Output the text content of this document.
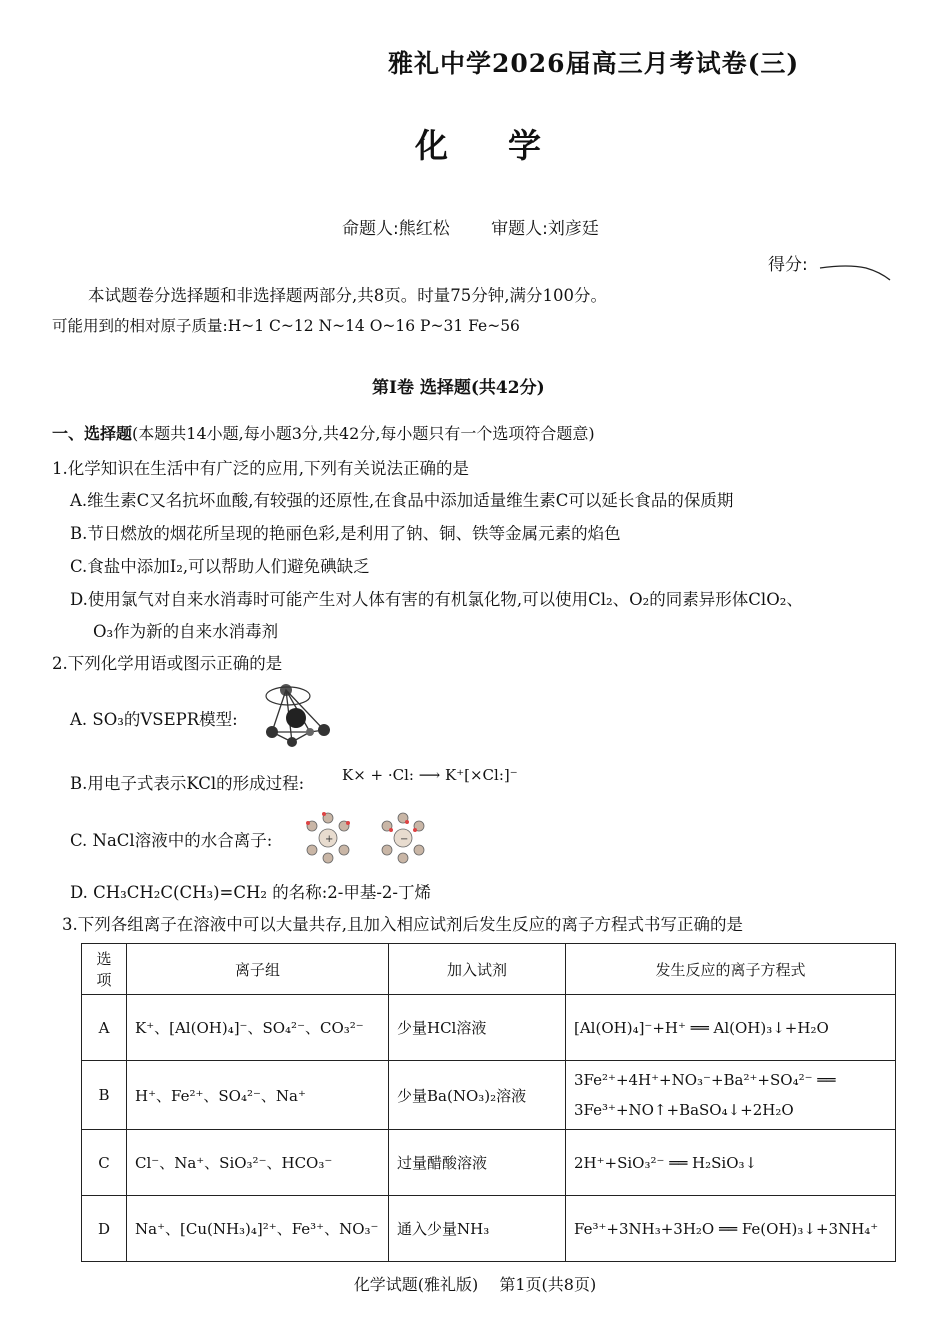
雅礼中学2026届高三月考试卷(三)
化学
命题人:熊红松 审题人:刘彦廷
得分:
本试题卷分选择题和非选择题两部分,共8页。时量75分钟,满分100分。
可能用到的相对原子质量:H~1 C~12 N~14 O~16 P~31 Fe~56
第Ⅰ卷 选择题(共42分)
一、选择题(本题共14小题,每小题3分,共42分,每小题只有一个选项符合题意)
1.化学知识在生活中有广泛的应用,下列有关说法正确的是
A.维生素C又名抗坏血酸,有较强的还原性,在食品中添加适量维生素C可以延长食品的保质期
B.节日燃放的烟花所呈现的艳丽色彩,是利用了钠、铜、铁等金属元素的焰色
C.食盐中添加I₂,可以帮助人们避免碘缺乏
D.使用氯气对自来水消毒时可能产生对人体有害的有机氯化物,可以使用Cl₂、O₂的同素异形体ClO₂、
O₃作为新的自来水消毒剂
2.下列化学用语或图示正确的是
A. SO₃的VSEPR模型:
B.用电子式表示KCl的形成过程:	K× + ·Cl: ⟶ K⁺[×Cl:]⁻
C. NaCl溶液中的水合离子:	+	−
D. CH₃CH₂C(CH₃)=CH₂ 的名称:2-甲基-2-丁烯
3.下列各组离子在溶液中可以大量共存,且加入相应试剂后发生反应的离子方程式书写正确的是
选项	离子组	加入试剂	发生反应的离子方程式
A	K⁺、[Al(OH)₄]⁻、SO₄²⁻、CO₃²⁻	少量HCl溶液	[Al(OH)₄]⁻+H⁺ ══ Al(OH)₃↓+H₂O
B	H⁺、Fe²⁺、SO₄²⁻、Na⁺	少量Ba(NO₃)₂溶液	3Fe²⁺+4H⁺+NO₃⁻+Ba²⁺+SO₄²⁻ ══ 3Fe³⁺+NO↑+BaSO₄↓+2H₂O
C	Cl⁻、Na⁺、SiO₃²⁻、HCO₃⁻	过量醋酸溶液	2H⁺+SiO₃²⁻ ══ H₂SiO₃↓
D	Na⁺、[Cu(NH₃)₄]²⁺、Fe³⁺、NO₃⁻	通入少量NH₃	Fe³⁺+3NH₃+3H₂O ══ Fe(OH)₃↓+3NH₄⁺
化学试题(雅礼版) 第1页(共8页)
